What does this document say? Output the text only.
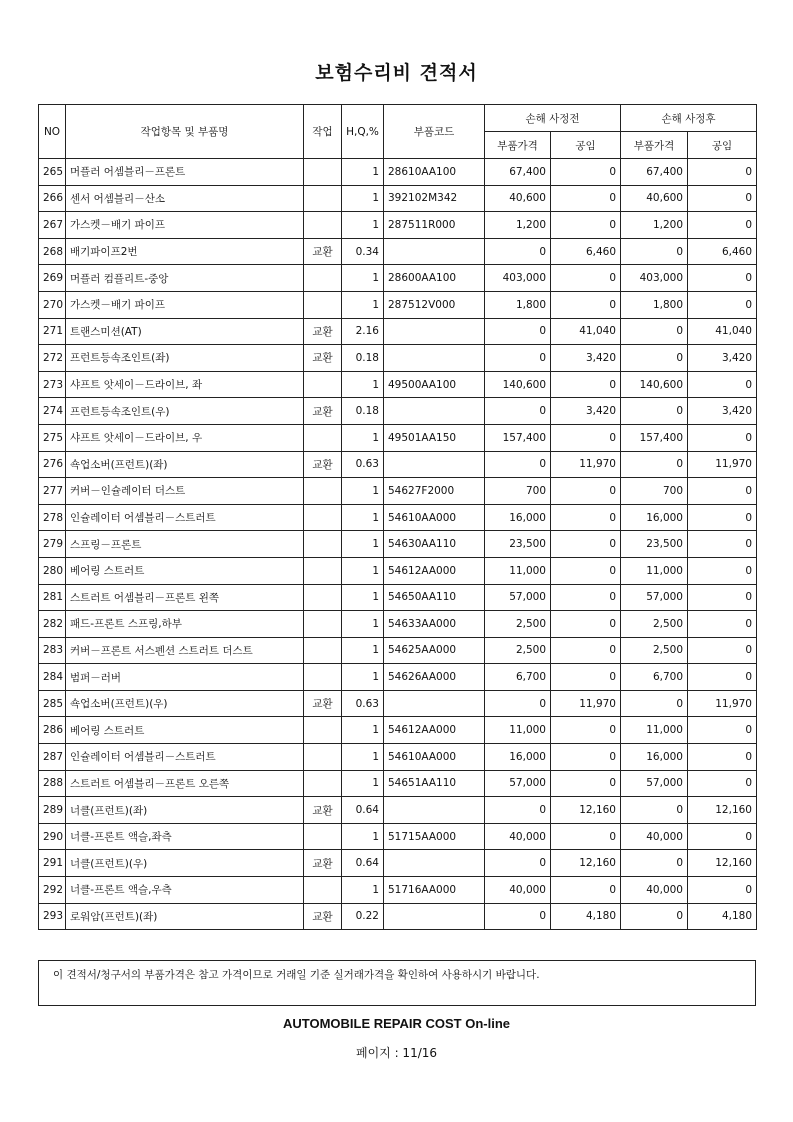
보험수리비 견적서
NO	작업항목 및 부품명	작업	H,Q,%	부품코드	손해 사정전		손해 사정후	
					부품가격	공임	부품가격	공임
265	머플러 어셈블리－프론트		1	28610AA100	67,400	0	67,400	0
266	센서 어셈블리－산소		1	392102M342	40,600	0	40,600	0
267	가스켓－배기 파이프		1	287511R000	1,200	0	1,200	0
268	배기파이프2번	교환	0.34		0	6,460	0	6,460
269	머플러 컴플리트-중앙		1	28600AA100	403,000	0	403,000	0
270	가스켓－배기 파이프		1	287512V000	1,800	0	1,800	0
271	트랜스미션(AT)	교환	2.16		0	41,040	0	41,040
272	프런트등속조인트(좌)	교환	0.18		0	3,420	0	3,420
273	샤프트 앗세이－드라이브, 좌		1	49500AA100	140,600	0	140,600	0
274	프런트등속조인트(우)	교환	0.18		0	3,420	0	3,420
275	샤프트 앗세이－드라이브, 우		1	49501AA150	157,400	0	157,400	0
276	쇽업소버(프런트)(좌)	교환	0.63		0	11,970	0	11,970
277	커버－인슐레이터 더스트		1	54627F2000	700	0	700	0
278	인슐레이터 어셈블리－스트러트		1	54610AA000	16,000	0	16,000	0
279	스프링－프론트		1	54630AA110	23,500	0	23,500	0
280	베어링 스트러트		1	54612AA000	11,000	0	11,000	0
281	스트러트 어셈블리－프론트 왼쪽		1	54650AA110	57,000	0	57,000	0
282	패드-프론트 스프링,하부		1	54633AA000	2,500	0	2,500	0
283	커버－프론트 서스펜션 스트러트 더스트		1	54625AA000	2,500	0	2,500	0
284	범퍼－러버		1	54626AA000	6,700	0	6,700	0
285	쇽업소버(프런트)(우)	교환	0.63		0	11,970	0	11,970
286	베어링 스트러트		1	54612AA000	11,000	0	11,000	0
287	인슐레이터 어셈블리－스트러트		1	54610AA000	16,000	0	16,000	0
288	스트러트 어셈블리－프론트 오른쪽		1	54651AA110	57,000	0	57,000	0
289	너클(프런트)(좌)	교환	0.64		0	12,160	0	12,160
290	너클-프론트 액슬,좌측		1	51715AA000	40,000	0	40,000	0
291	너클(프런트)(우)	교환	0.64		0	12,160	0	12,160
292	너클-프론트 액슬,우측		1	51716AA000	40,000	0	40,000	0
293	로워암(프런트)(좌)	교환	0.22		0	4,180	0	4,180
이 견적서/청구서의 부품가격은 참고 가격이므로 거래일 기준 실거래가격을 확인하여 사용하시기 바랍니다.
AUTOMOBILE REPAIR COST On-line
페이지 : 11/16
